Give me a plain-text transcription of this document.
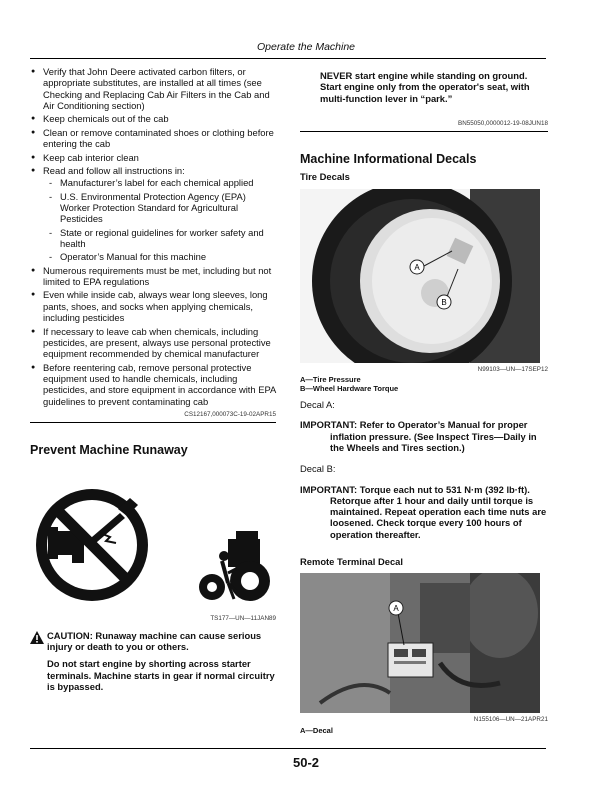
Operate the Machine
● Verify that John Deere activated carbon filters, or appropriate substitutes, are installed at all times (see Checking and Replacing Cab Air Filters in the Cab and Air Conditioning section)
● Keep chemicals out of the cab
● Clean or remove contaminated shoes or clothing before entering the cab
● Keep cab interior clean
● Read and follow all instructions in:
- Manufacturer’s label for each chemical applied
- U.S. Environmental Protection Agency (EPA) Worker Protection Standard for Agricultural Pesticides
- State or regional guidelines for worker safety and health
- Operator’s Manual for this machine
● Numerous requirements must be met, including but not limited to EPA regulations
● Even while inside cab, always wear long sleeves, long pants, shoes, and socks when applying chemicals, including pesticides
● If necessary to leave cab when chemicals, including pesticides, are present, always use personal protective equipment recommended by chemical manufacturer
● Before reentering cab, remove personal protective equipment used to handle chemicals, including pesticides, and store equipment in accordance with EPA guidelines to prevent contaminating cab
CS12167,000073C-19-02APR15
Prevent Machine Runaway
TS177—UN—11JAN89
CAUTION: Runaway machine can cause serious injury or death to you or others.
Do not start engine by shorting across starter terminals. Machine starts in gear if normal circuitry is bypassed.
NEVER start engine while standing on ground. Start engine only from the operator's seat, with multi-function lever in “park.”
BN55050,0000012-19-08JUN18
Machine Informational Decals
Tire Decals
A
B
N99103—UN—17SEP12
A—Tire Pressure
B—Wheel Hardware Torque
Decal A:
IMPORTANT: Refer to Operator’s Manual for proper inflation pressure. (See Inspect Tires—Daily in the Wheels and Tires section.)
Decal B:
IMPORTANT: Torque each nut to 531 N·m (392 lb·ft). Retorque after 1 hour and daily until torque is maintained. Repeat operation each time nuts are loosened. Check torque every 100 hours of operation thereafter.
Remote Terminal Decal
A
N155106—UN—21APR21
A—Decal
50-2
